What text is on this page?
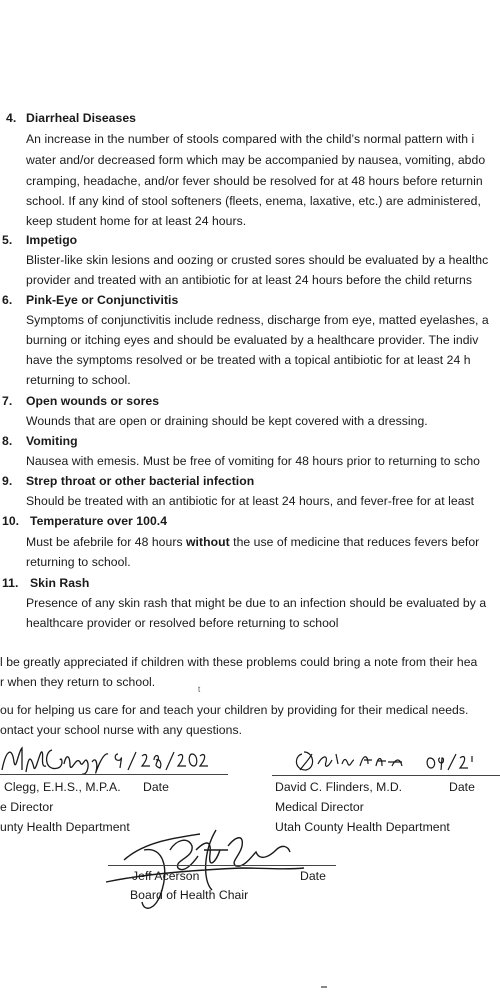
4. Diarrheal Diseases
An increase in the number of stools compared with the child’s normal pattern with i
water and/or decreased form which may be accompanied by nausea, vomiting, abdo
cramping, headache, and/or fever should be resolved for at 48 hours before returnin
school. If any kind of stool softeners (fleets, enema, laxative, etc.) are administered,
keep student home for at least 24 hours.
5. Impetigo
Blister-like skin lesions and oozing or crusted sores should be evaluated by a healthc
provider and treated with an antibiotic for at least 24 hours before the child returns
6. Pink-Eye or Conjunctivitis
Symptoms of conjunctivitis include redness, discharge from eye, matted eyelashes, a
burning or itching eyes and should be evaluated by a healthcare provider. The indiv
have the symptoms resolved or be treated with a topical antibiotic for at least 24 h
returning to school.
7. Open wounds or sores
Wounds that are open or draining should be kept covered with a dressing.
8. Vomiting
Nausea with emesis. Must be free of vomiting for 48 hours prior to returning to scho
9. Strep throat or other bacterial infection
Should be treated with an antibiotic for at least 24 hours, and fever-free for at least
10. Temperature over 100.4
Must be afebrile for 48 hours without the use of medicine that reduces fevers befor
returning to school.
11. Skin Rash
Presence of any skin rash that might be due to an infection should be evaluated by a
healthcare provider or resolved before returning to school
l be greatly appreciated if children with these problems could bring a note from their hea
r when they return to school.
t
ou for helping us care for and teach your children by providing for their medical needs.
ontact your school nurse with any questions.
Clegg, E.H.S., M.P.A. Date
e Director
unty Health Department
David C. Flinders, M.D.	Date
Medical Director
Utah County Health Department
Jeff Acerson	Date
Board of Health Chair
